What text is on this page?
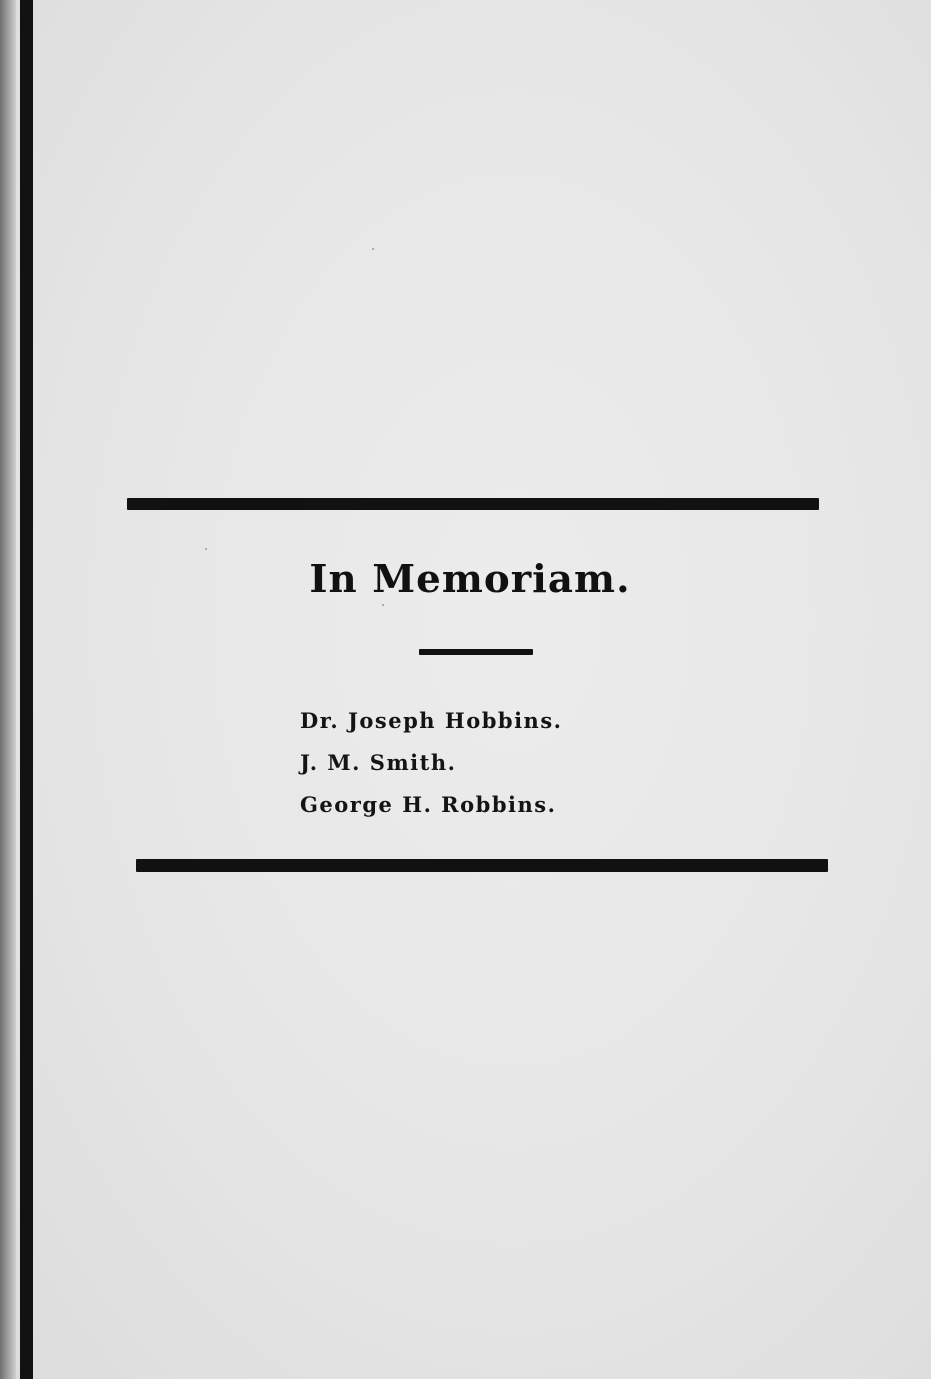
In Memoriam.
Dr. Joseph Hobbins.
J. M. Smith.
George H. Robbins.
